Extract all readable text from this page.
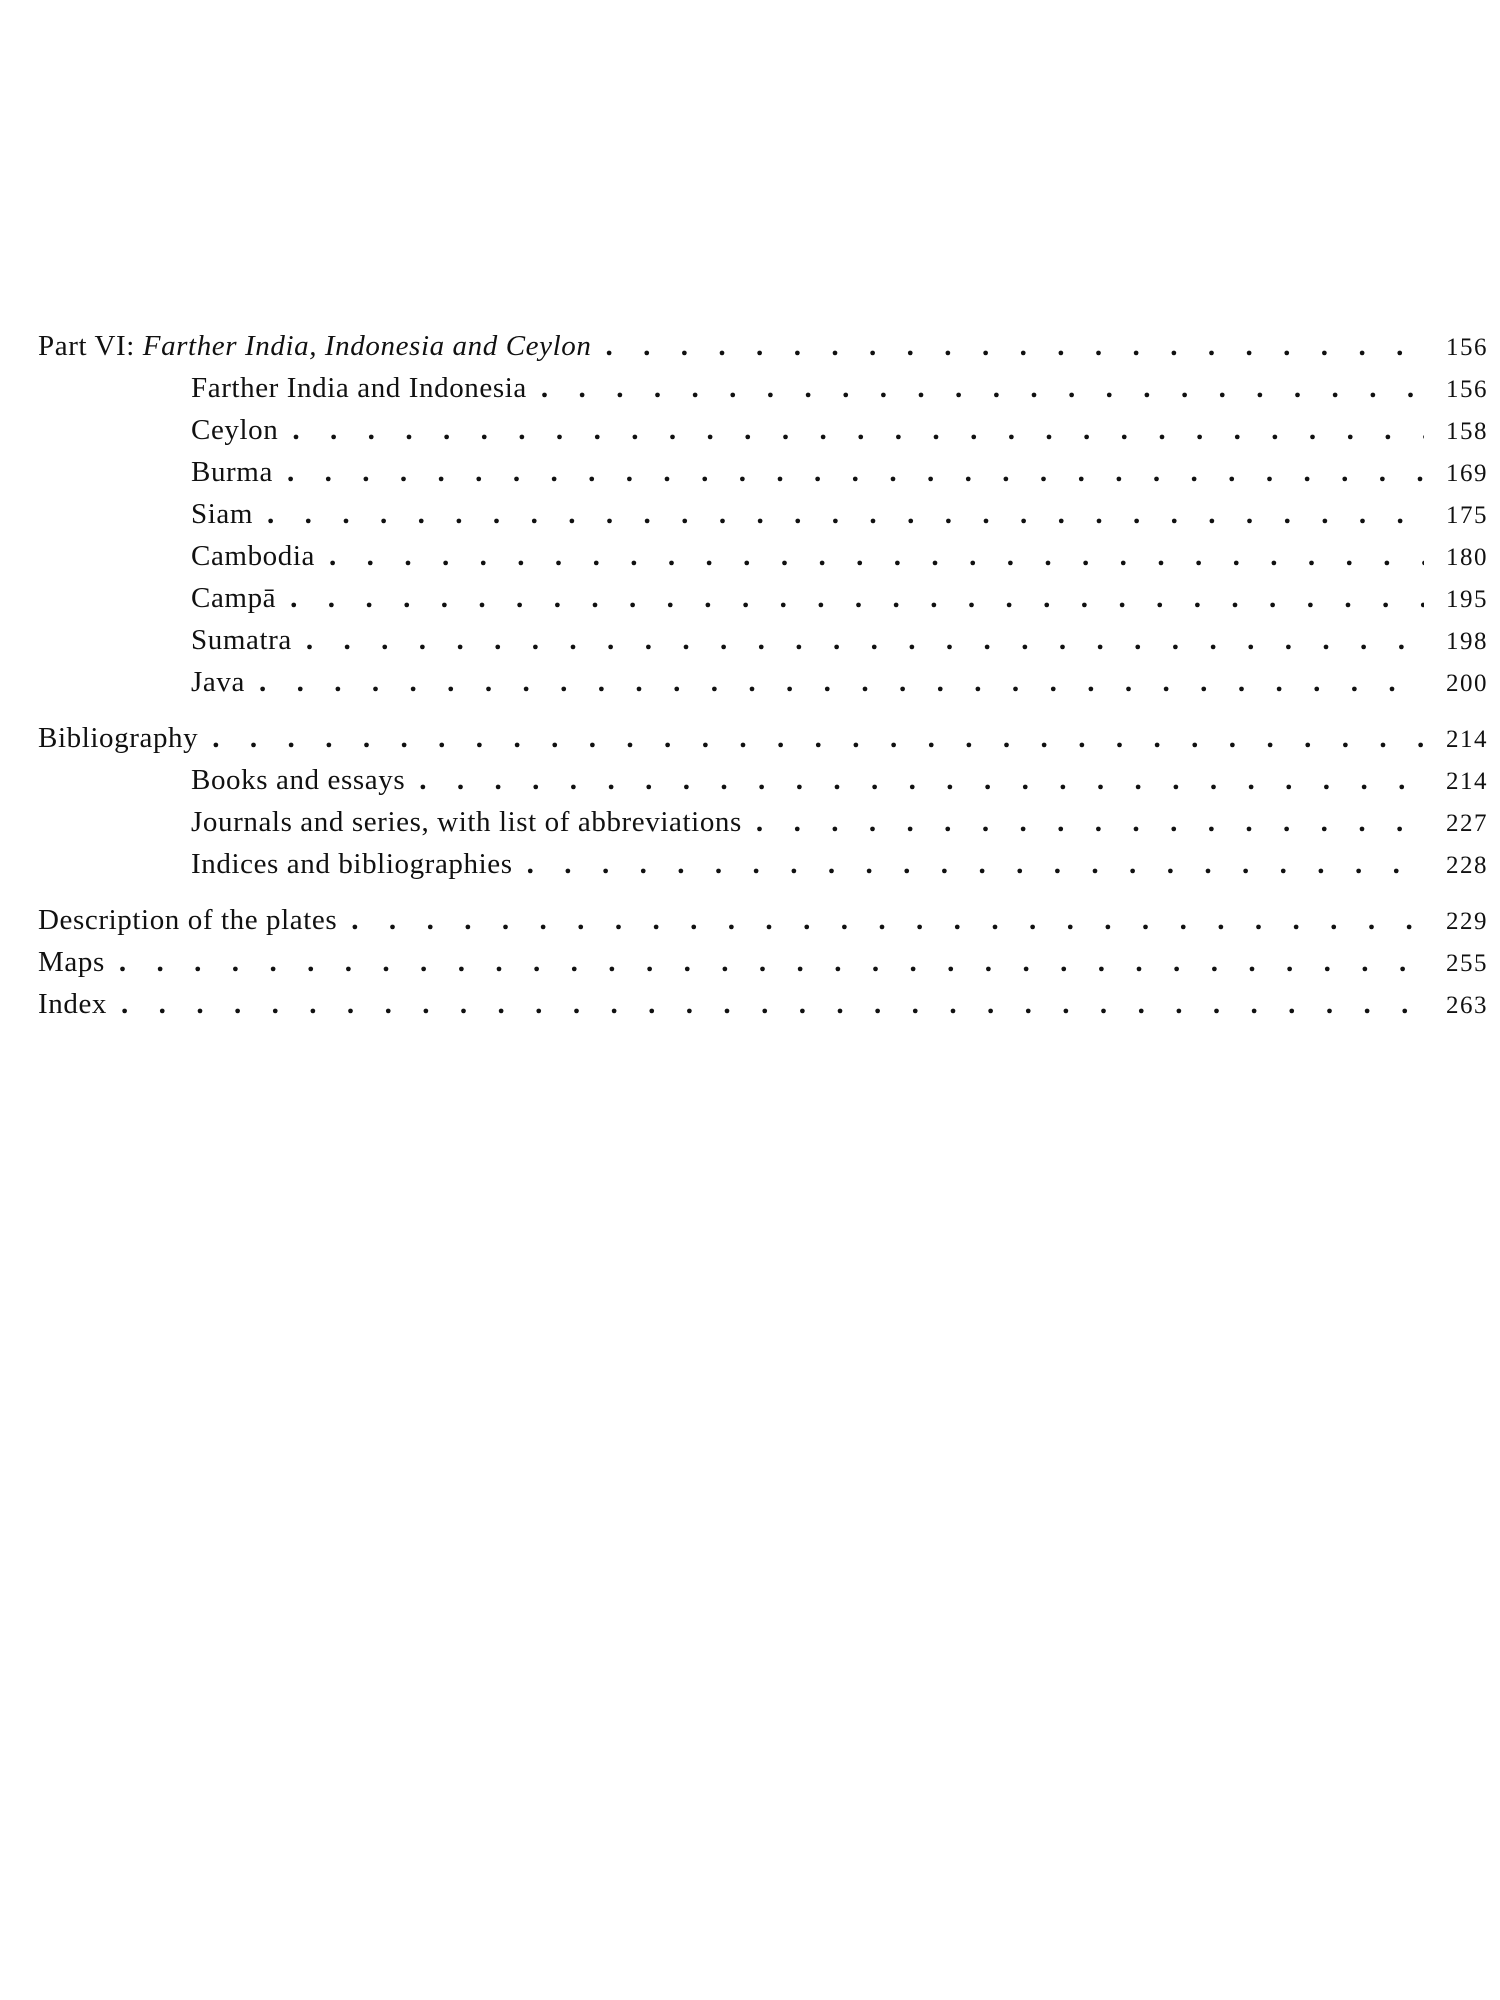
Part VI: Farther India, Indonesia and Ceylon . .	156
Farther India and Indonesia . .	156
Ceylon . .	158
Burma . .	169
Siam . .	175
Cambodia . .	180
Campā . .	195
Sumatra . .	198
Java . .	200
Bibliography . .	214
Books and essays . .	214
Journals and series, with list of abbreviations . .	227
Indices and bibliographies . .	228
Description of the plates . .	229
Maps . .	255
Index . .	263
